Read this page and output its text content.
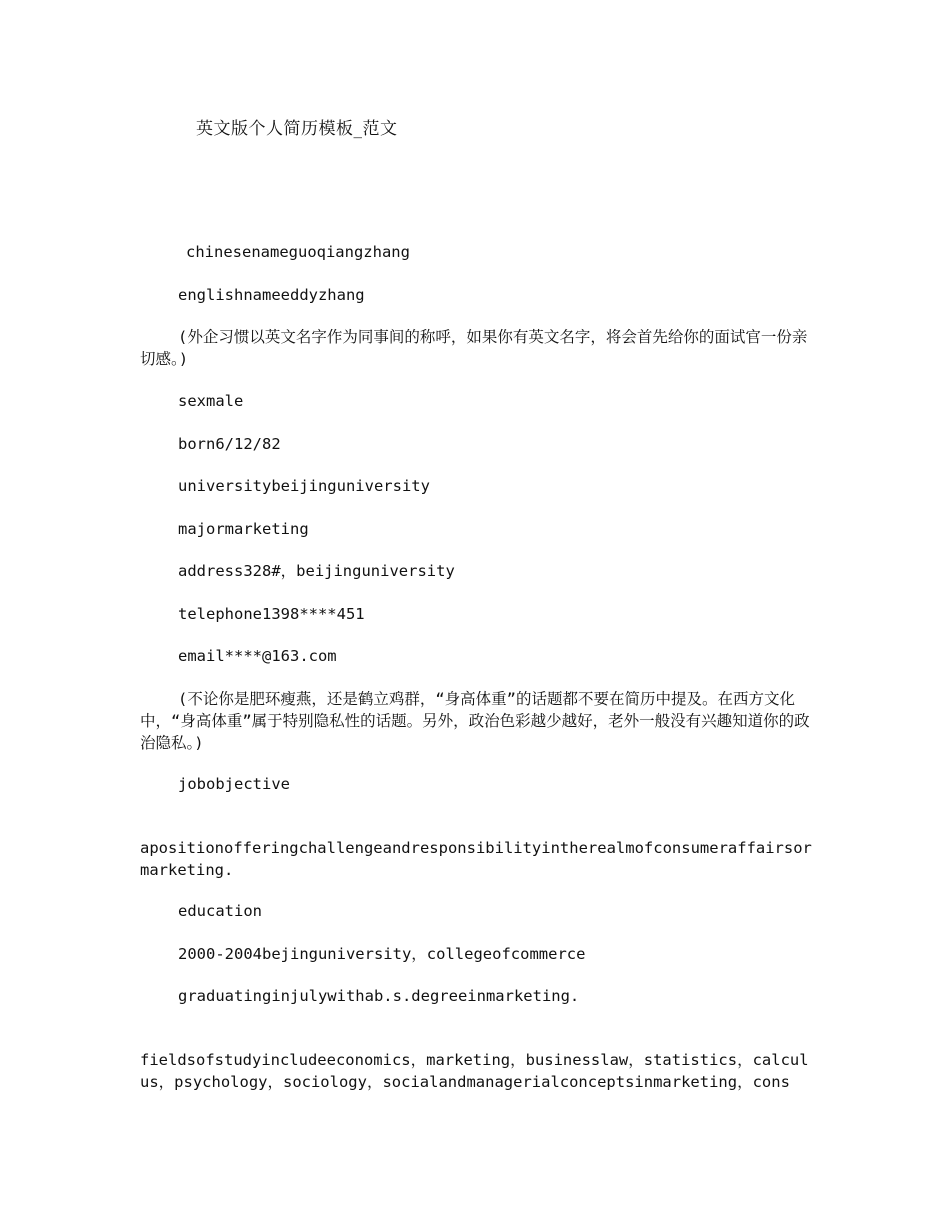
英文版个人简历模板_范文

chinesenameguoqiangzhang

englishnameeddyzhang

(外企习惯以英文名字作为同事间的称呼，如果你有英文名字，将会首先给你的面试官一份亲切感。)

sexmale

born6/12/82

universitybeijinguniversity

majormarketing

address328#，beijinguniversity

telephone1398****451

email****@163.com

(不论你是肥环瘦燕，还是鹤立鸡群，“身高体重”的话题都不要在简历中提及。在西方文化中，“身高体重”属于特别隐私性的话题。另外，政治色彩越少越好，老外一般没有兴趣知道你的政治隐私。)

jobobjective

apositionofferingchallengeandresponsibilityintherealmofconsumeraffairsormarketing.

education

2000-2004bejinguniversity，collegeofcommerce

graduatinginjulywithab.s.degreeinmarketing.

fieldsofstudyincludeeconomics，marketing，businesslaw，statistics，calculus，psychology，sociology，socialandmanagerialconceptsinmarketing，cons
